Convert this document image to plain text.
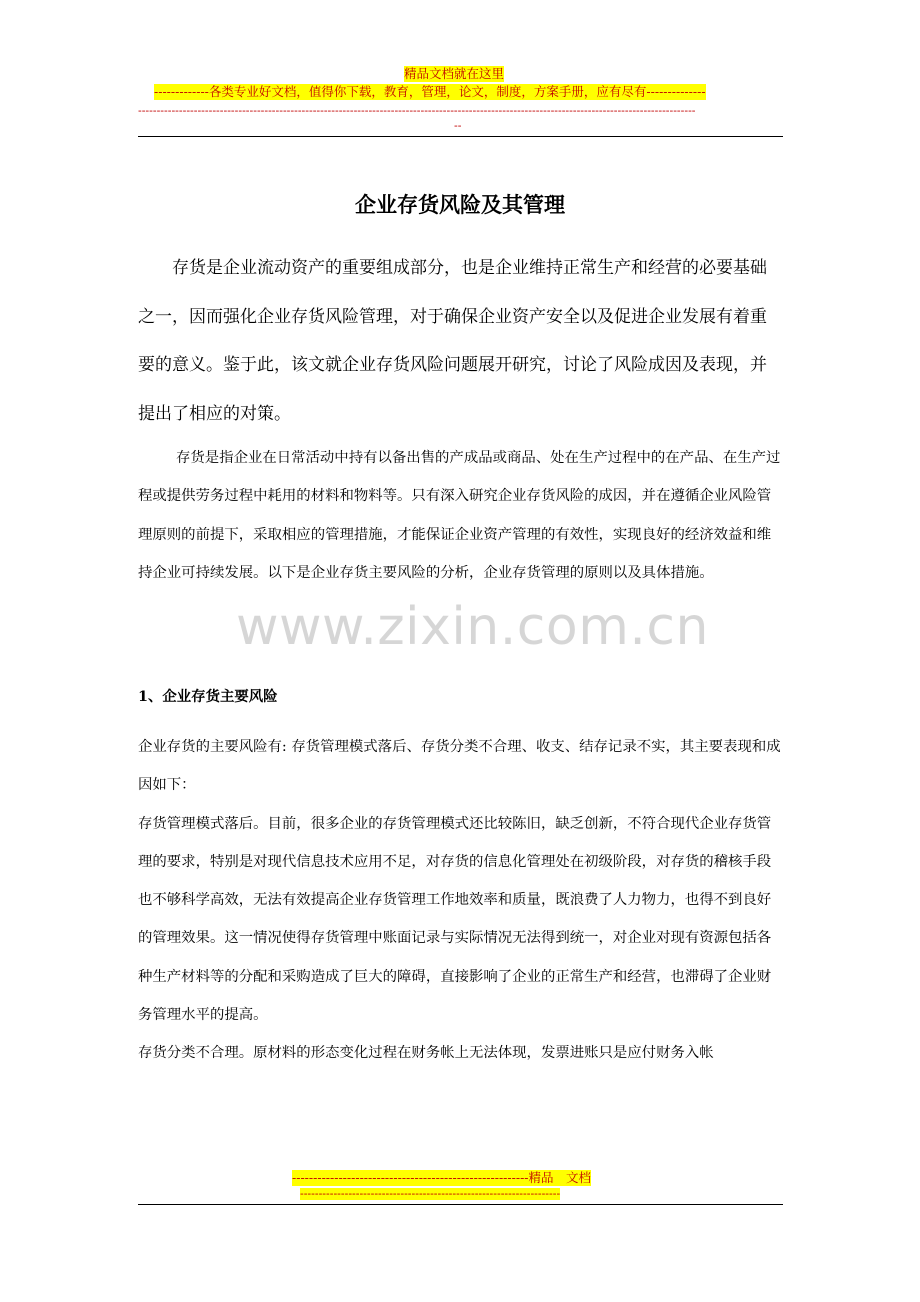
精品文档就在这里
-------------各类专业好文档，值得你下载，教育，管理，论文，制度，方案手册，应有尽有--------------
------------------------------------------------------------------------------------------------------------------------------------------------------
--
企业存货风险及其管理

存货是企业流动资产的重要组成部分，也是企业维持正常生产和经营的必要基础之一，因而强化企业存货风险管理，对于确保企业资产安全以及促进企业发展有着重要的意义。鉴于此，该文就企业存货风险问题展开研究，讨论了风险成因及表现，并提出了相应的对策。

存货是指企业在日常活动中持有以备出售的产成品或商品、处在生产过程中的在产品、在生产过程或提供劳务过程中耗用的材料和物料等。只有深入研究企业存货风险的成因，并在遵循企业风险管理原则的前提下，采取相应的管理措施，才能保证企业资产管理的有效性，实现良好的经济效益和维持企业可持续发展。以下是企业存货主要风险的分析，企业存货管理的原则以及具体措施。

www.zixin.com.cn
1、企业存货主要风险

企业存货的主要风险有: 存货管理模式落后、存货分类不合理、收支、结存记录不实，其主要表现和成因如下：

存货管理模式落后。目前，很多企业的存货管理模式还比较陈旧，缺乏创新，不符合现代企业存货管理的要求，特别是对现代信息技术应用不足，对存货的信息化管理处在初级阶段，对存货的稽核手段也不够科学高效，无法有效提高企业存货管理工作地效率和质量，既浪费了人力物力，也得不到良好的管理效果。这一情况使得存货管理中账面记录与实际情况无法得到统一，对企业对现有资源包括各种生产材料等的分配和采购造成了巨大的障碍，直接影响了企业的正常生产和经营，也滞碍了企业财务管理水平的提高。

存货分类不合理。原材料的形态变化过程在财务帐上无法体现，发票进账只是应付财务入帐

--------------------------------------------------------精品　文档
----------------------------------------------------------------------
